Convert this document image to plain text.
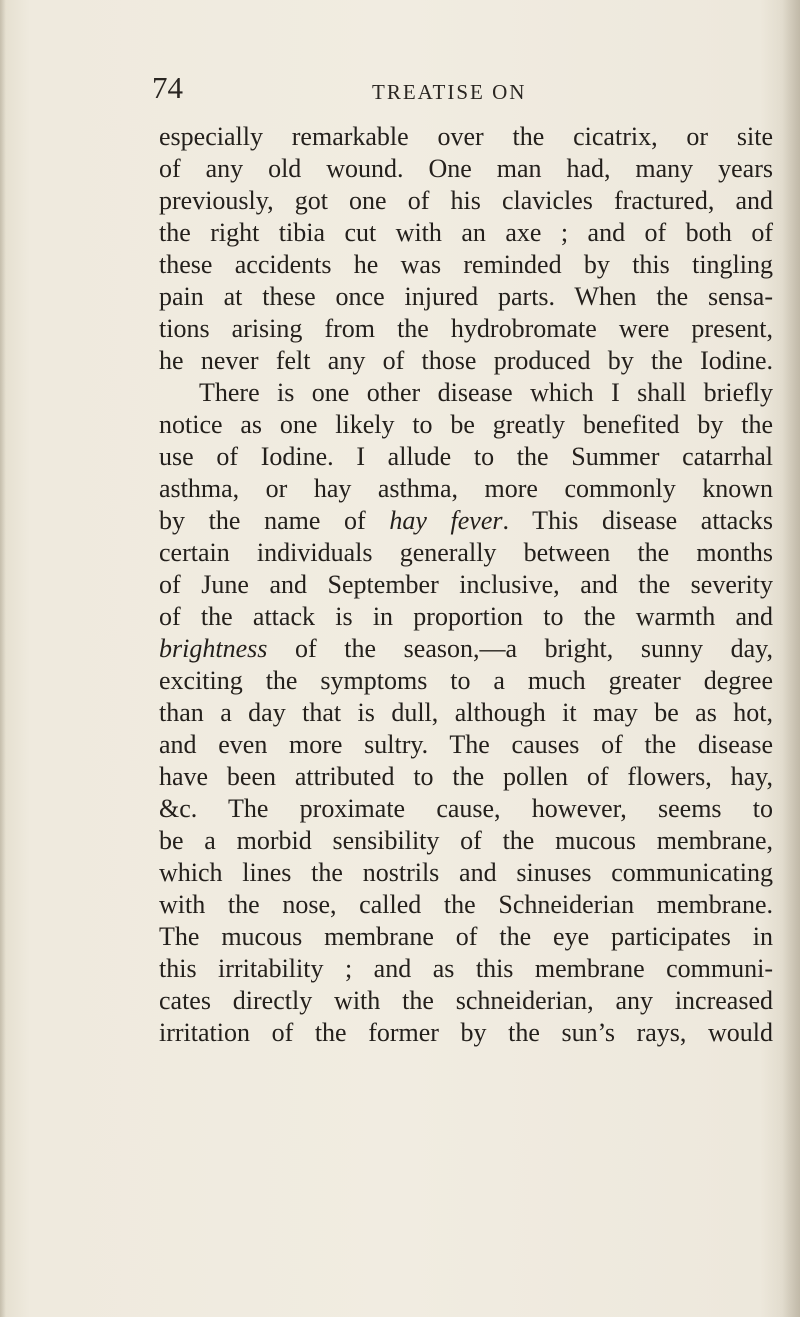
74	TREATISE ON
especially remarkable over the cicatrix, or site
of any old wound. One man had, many years
previously, got one of his clavicles fractured, and
the right tibia cut with an axe ; and of both of
these accidents he was reminded by this tingling
pain at these once injured parts. When the sensa-
tions arising from the hydrobromate were present,
he never felt any of those produced by the Iodine.
There is one other disease which I shall briefly
notice as one likely to be greatly benefited by the
use of Iodine. I allude to the Summer catarrhal
asthma, or hay asthma, more commonly known
by the name of hay fever. This disease attacks
certain individuals generally between the months
of June and September inclusive, and the severity
of the attack is in proportion to the warmth and
brightness of the season,—a bright, sunny day,
exciting the symptoms to a much greater degree
than a day that is dull, although it may be as hot,
and even more sultry. The causes of the disease
have been attributed to the pollen of flowers, hay,
&c. The proximate cause, however, seems to
be a morbid sensibility of the mucous membrane,
which lines the nostrils and sinuses communicating
with the nose, called the Schneiderian membrane.
The mucous membrane of the eye participates in
this irritability ; and as this membrane communi-
cates directly with the schneiderian, any increased
irritation of the former by the sun’s rays, would
